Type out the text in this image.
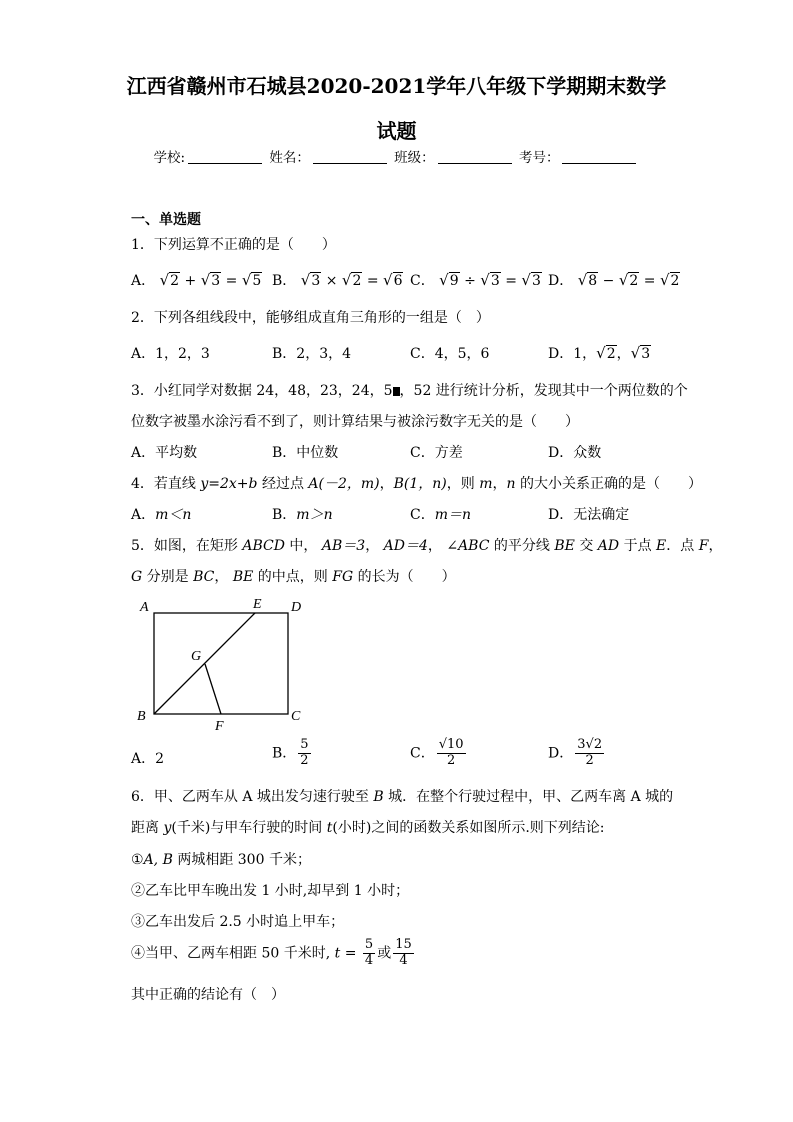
江西省赣州市石城县2020-2021学年八年级下学期期末数学
试题
学校:	姓名：	班级：	考号：
一、单选题
1．下列运算不正确的是（　　）
A． √2 + √3 = √5 B． √3 × √2 = √6 C． √9 ÷ √3 = √3 D． √8 − √2 = √2
2．下列各组线段中，能够组成直角三角形的一组是（　）
A．1，2，3	B．2，3，4	C．4，5，6	D．1，√2，√3
3．小红同学对数据 24，48，23，24，5 ，52 进行统计分析，发现其中一个两位数的个
位数字被墨水涂污看不到了，则计算结果与被涂污数字无关的是（　　）
A．平均数	B．中位数	C．方差	D．众数
4．若直线 y=2x+b 经过点 A(－2，m)，B(1，n)，则 m，n 的大小关系正确的是（　　）
A．m＜n	B．m＞n	C．m＝n	D．无法确定
5．如图，在矩形 ABCD 中， AB＝3， AD＝4， ∠ABC 的平分线 BE 交 AD 于点 E．点 F，
G 分别是 BC， BE 的中点，则 FG 的长为（　　）
A	E D
G
B
F
C
A．2	B． $\frac{5}{2}$	C． $\frac{√10}{2}$	D． $\frac{3√2}{2}$
6．甲、乙两车从 A 城出发匀速行驶至 B 城．在整个行驶过程中，甲、乙两车离 A 城的
距离 y(千米)与甲车行驶的时间 t(小时)之间的函数关系如图所示.则下列结论:
①A, B 两城相距 300 千米；
②乙车比甲车晚出发 1 小时,却早到 1 小时；
③乙车出发后 2.5 小时追上甲车；
④当甲、乙两车相距 50 千米时, $t = \frac{5}{4}$ 或 $\frac{15}{4}$
其中正确的结论有（　）
